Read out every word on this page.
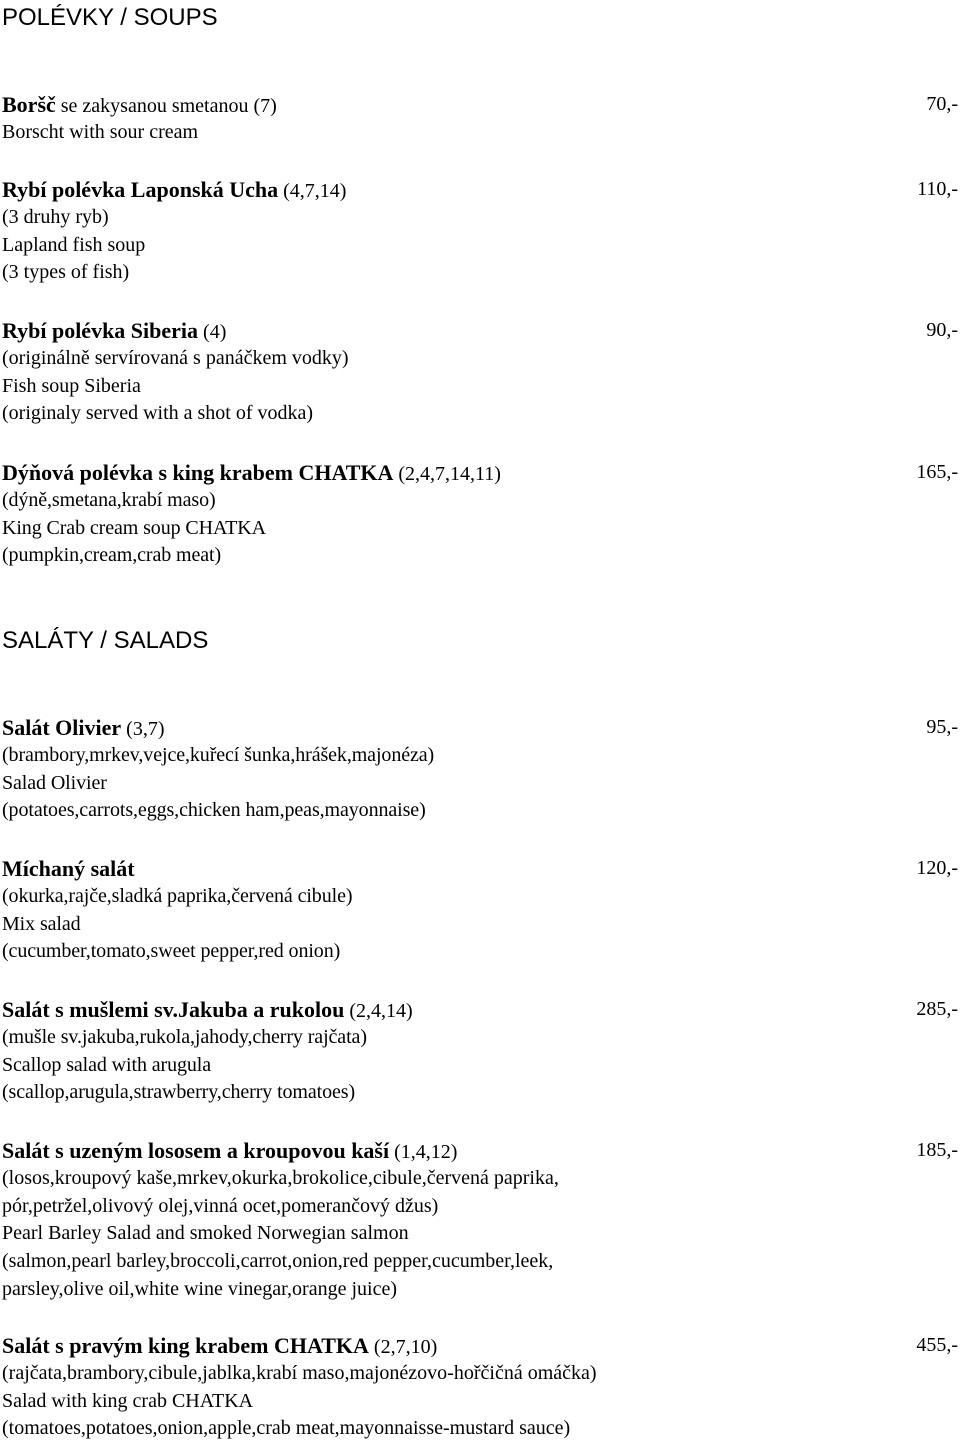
POLÉVKY / SOUPS
Boršč se zakysanou smetanou (7)	70,-
Borscht with sour cream
Rybí polévka Laponská Ucha (4,7,14)	110,-
(3 druhy ryb)
Lapland fish soup
(3 types of fish)
Rybí polévka Siberia (4)	90,-
(originálně servírovaná s panáčkem vodky)
Fish soup Siberia
(originaly served with a shot of vodka)
Dýňová polévka s king krabem CHATKA (2,4,7,14,11)	165,-
(dýně,smetana,krabí maso)
King Crab cream soup CHATKA
(pumpkin,cream,crab meat)
SALÁTY / SALADS
Salát Olivier (3,7)	95,-
(brambory,mrkev,vejce,kuřecí šunka,hrášek,majonéza)
Salad Olivier
(potatoes,carrots,eggs,chicken ham,peas,mayonnaise)
Míchaný salát	120,-
(okurka,rajče,sladká paprika,červená cibule)
Mix salad
(cucumber,tomato,sweet pepper,red onion)
Salát s mušlemi sv.Jakuba a rukolou (2,4,14)	285,-
(mušle sv.jakuba,rukola,jahody,cherry rajčata)
Scallop salad with arugula
(scallop,arugula,strawberry,cherry tomatoes)
Salát s uzeným lososem a kroupovou kaší (1,4,12)	185,-
(losos,kroupový kaše,mrkev,okurka,brokolice,cibule,červená paprika,
pór,petržel,olivový olej,vinná ocet,pomerančový džus)
Pearl Barley Salad and smoked Norwegian salmon
(salmon,pearl barley,broccoli,carrot,onion,red pepper,cucumber,leek,
parsley,olive oil,white wine vinegar,orange juice)
Salát s pravým king krabem CHATKA (2,7,10)	455,-
(rajčata,brambory,cibule,jablka,krabí maso,majonézovo-hořčičná omáčka)
Salad with king crab CHATKA
(tomatoes,potatoes,onion,apple,crab meat,mayonnaisse-mustard sauce)
